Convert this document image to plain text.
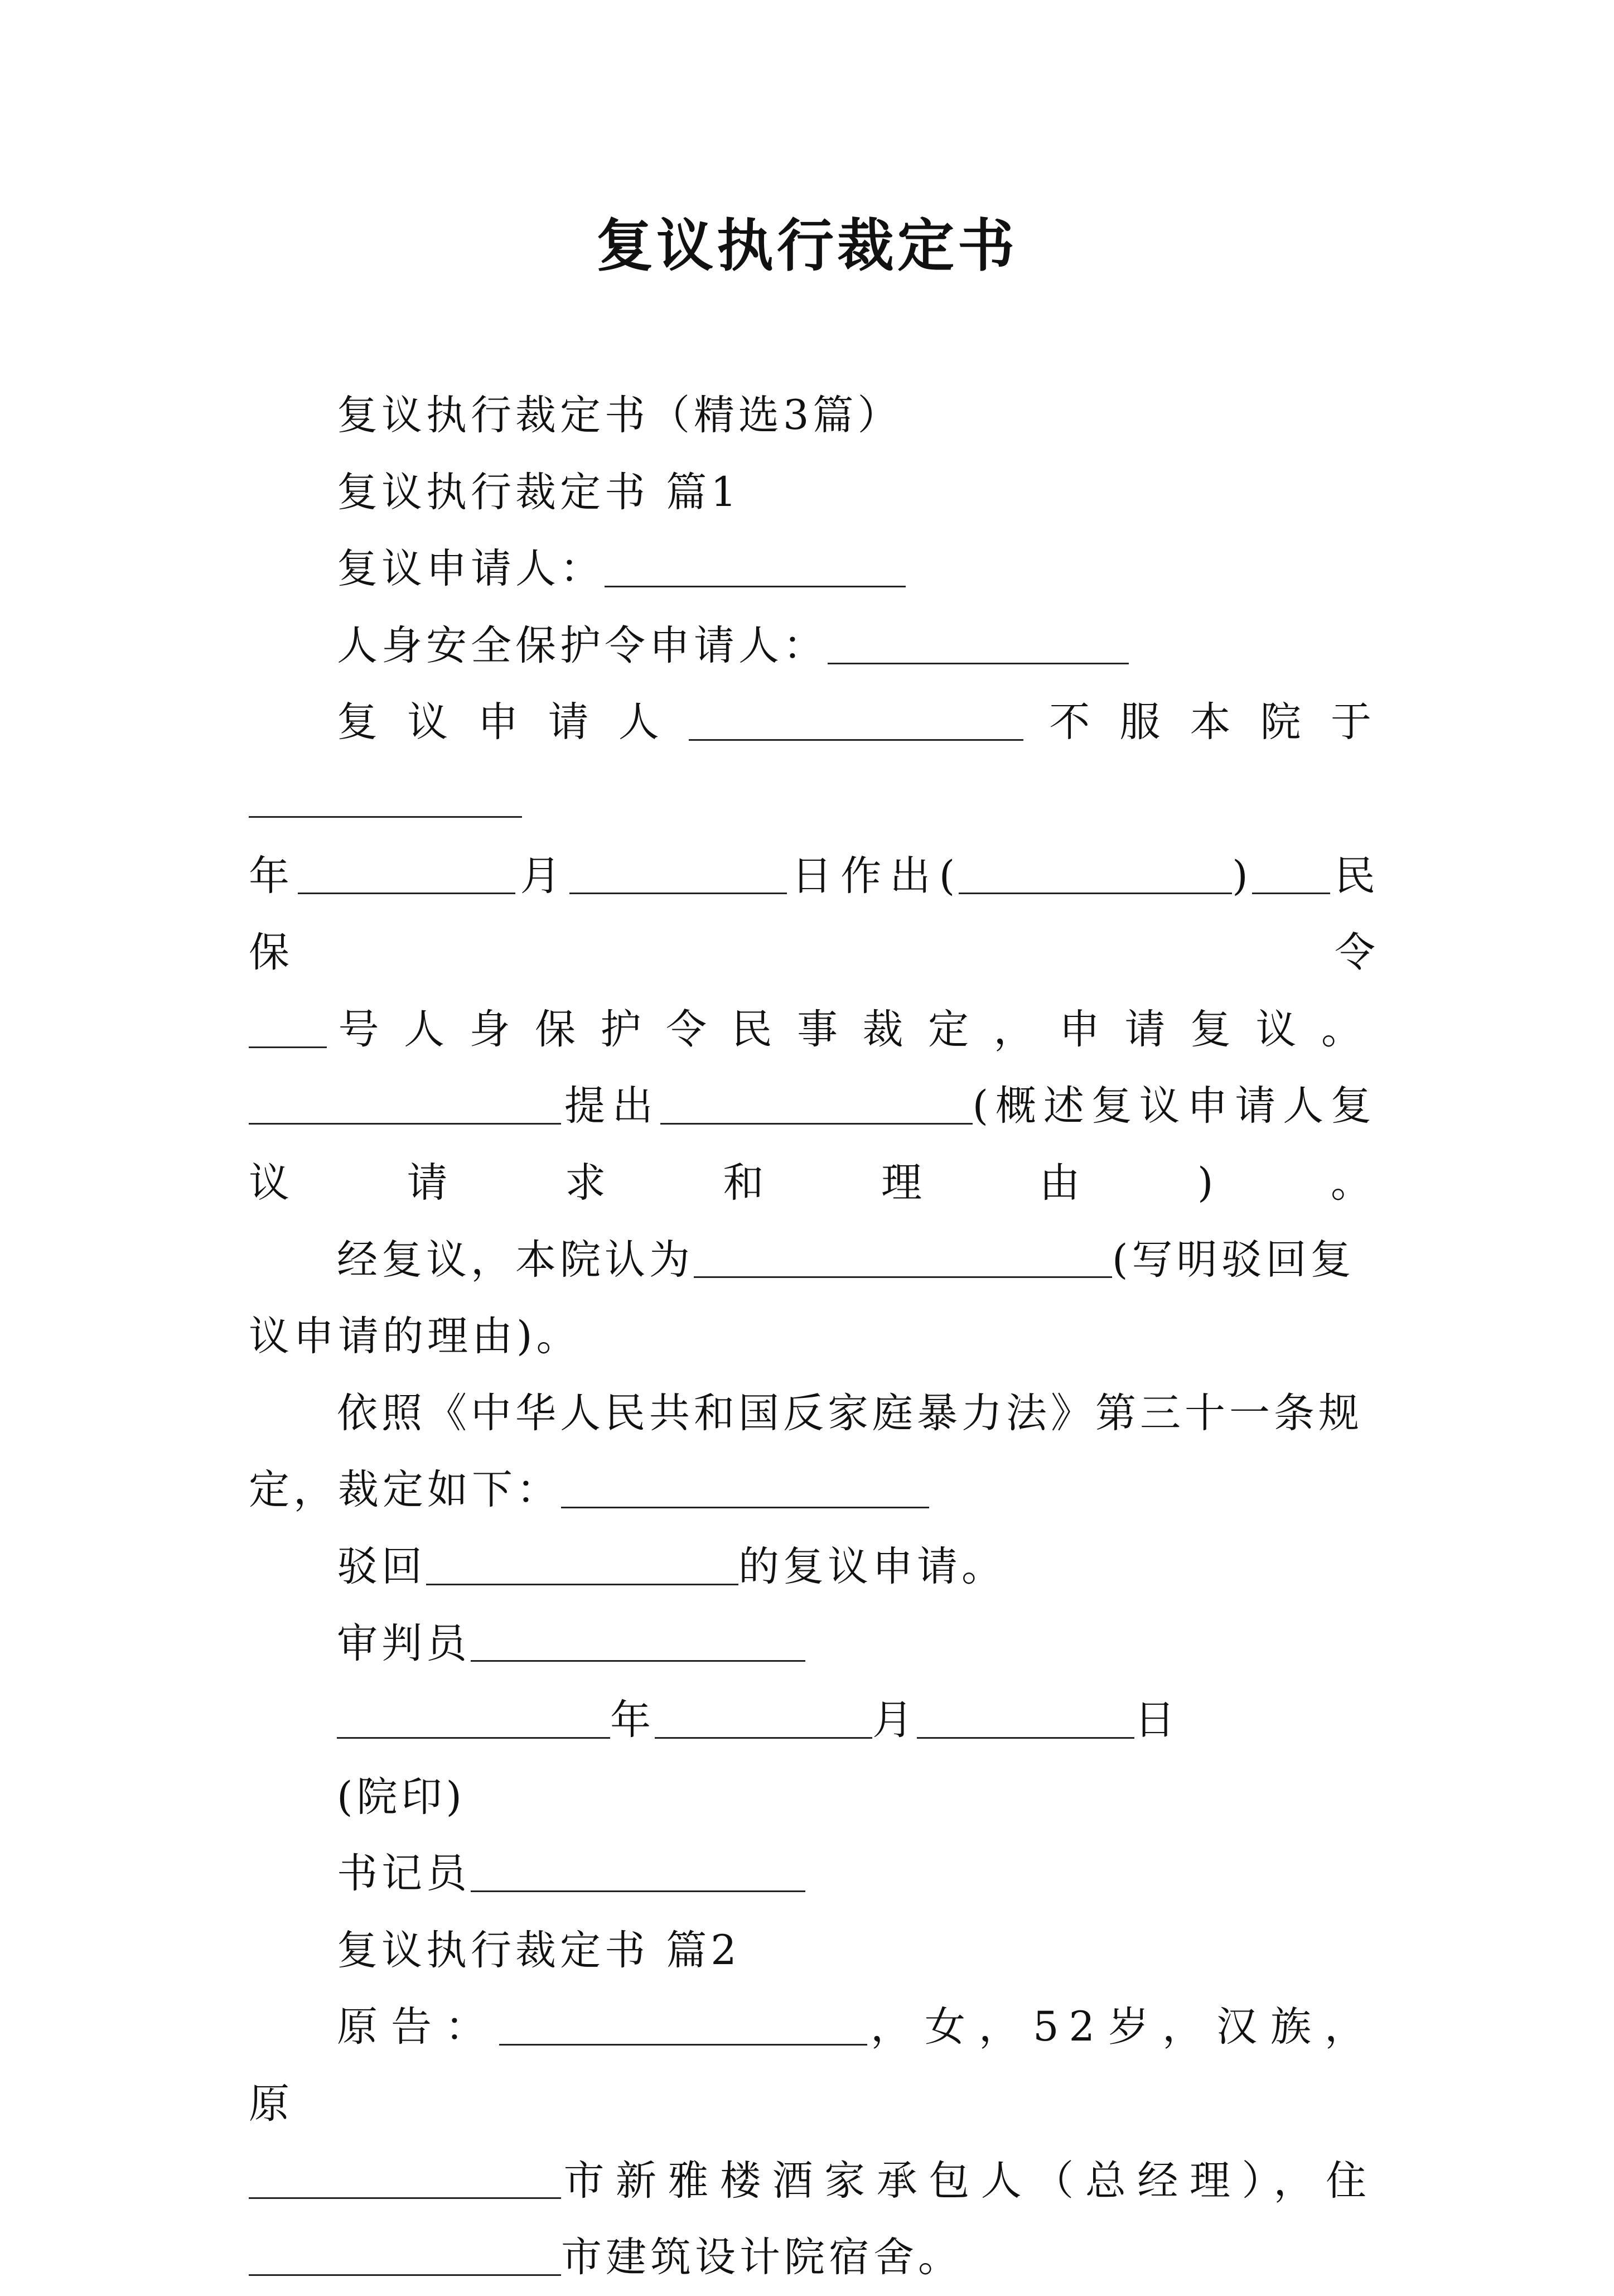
复议执行裁定书
复议执行裁定书（精选3篇）
复议执行裁定书 篇1
复议申请人：
人身安全保护令申请人：
复议申请人	不服本院于
年	月	日作出(	) 民保令
号人身保护令民事裁定，申请复议。
提出	(概述复议申请人复议请求和理由)。
经复议，本院认为	(写明驳回复议申请的理由)。
依照《中华人民共和国反家庭暴力法》第三十一条规定，裁定如下：
驳回	的复议申请。
审判员
年	月	日
(院印)
书记员
复议执行裁定书 篇2
原告：	，女，52岁，汉族，原
市新雅楼酒家承包人（总经理），住
市建筑设计院宿舍。
